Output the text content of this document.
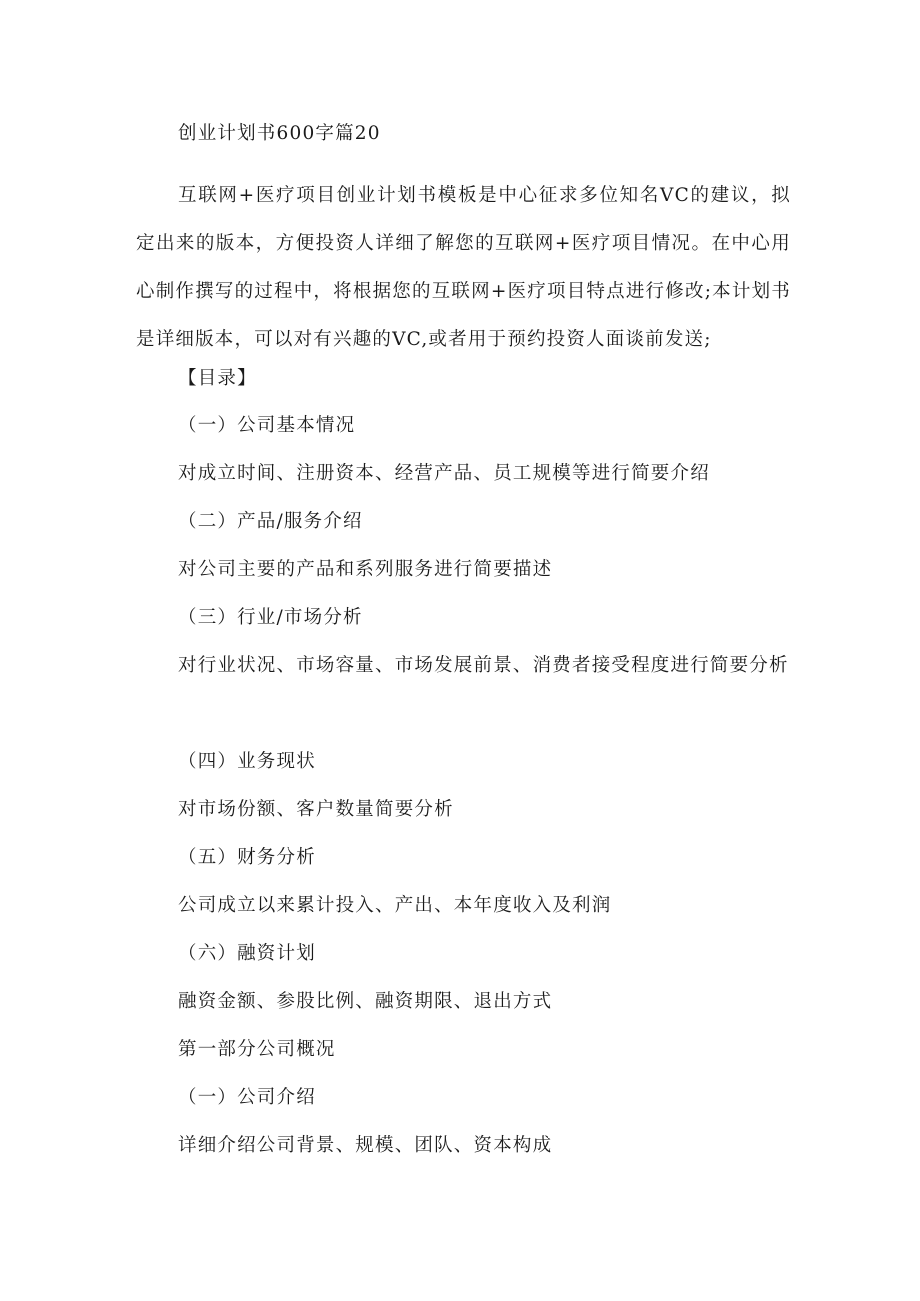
创业计划书600字篇20
互联网+医疗项目创业计划书模板是中心征求多位知名VC的建议，拟定出来的版本，方便投资人详细了解您的互联网+医疗项目情况。在中心用心制作撰写的过程中，将根据您的互联网+医疗项目特点进行修改;本计划书是详细版本，可以对有兴趣的VC,或者用于预约投资人面谈前发送;
【目录】
（一）公司基本情况
对成立时间、注册资本、经营产品、员工规模等进行简要介绍
（二）产品/服务介绍
对公司主要的产品和系列服务进行简要描述
（三）行业/市场分析
对行业状况、市场容量、市场发展前景、消费者接受程度进行简要分析
（四）业务现状
对市场份额、客户数量简要分析
（五）财务分析
公司成立以来累计投入、产出、本年度收入及利润
（六）融资计划
融资金额、参股比例、融资期限、退出方式
第一部分公司概况
（一）公司介绍
详细介绍公司背景、规模、团队、资本构成
